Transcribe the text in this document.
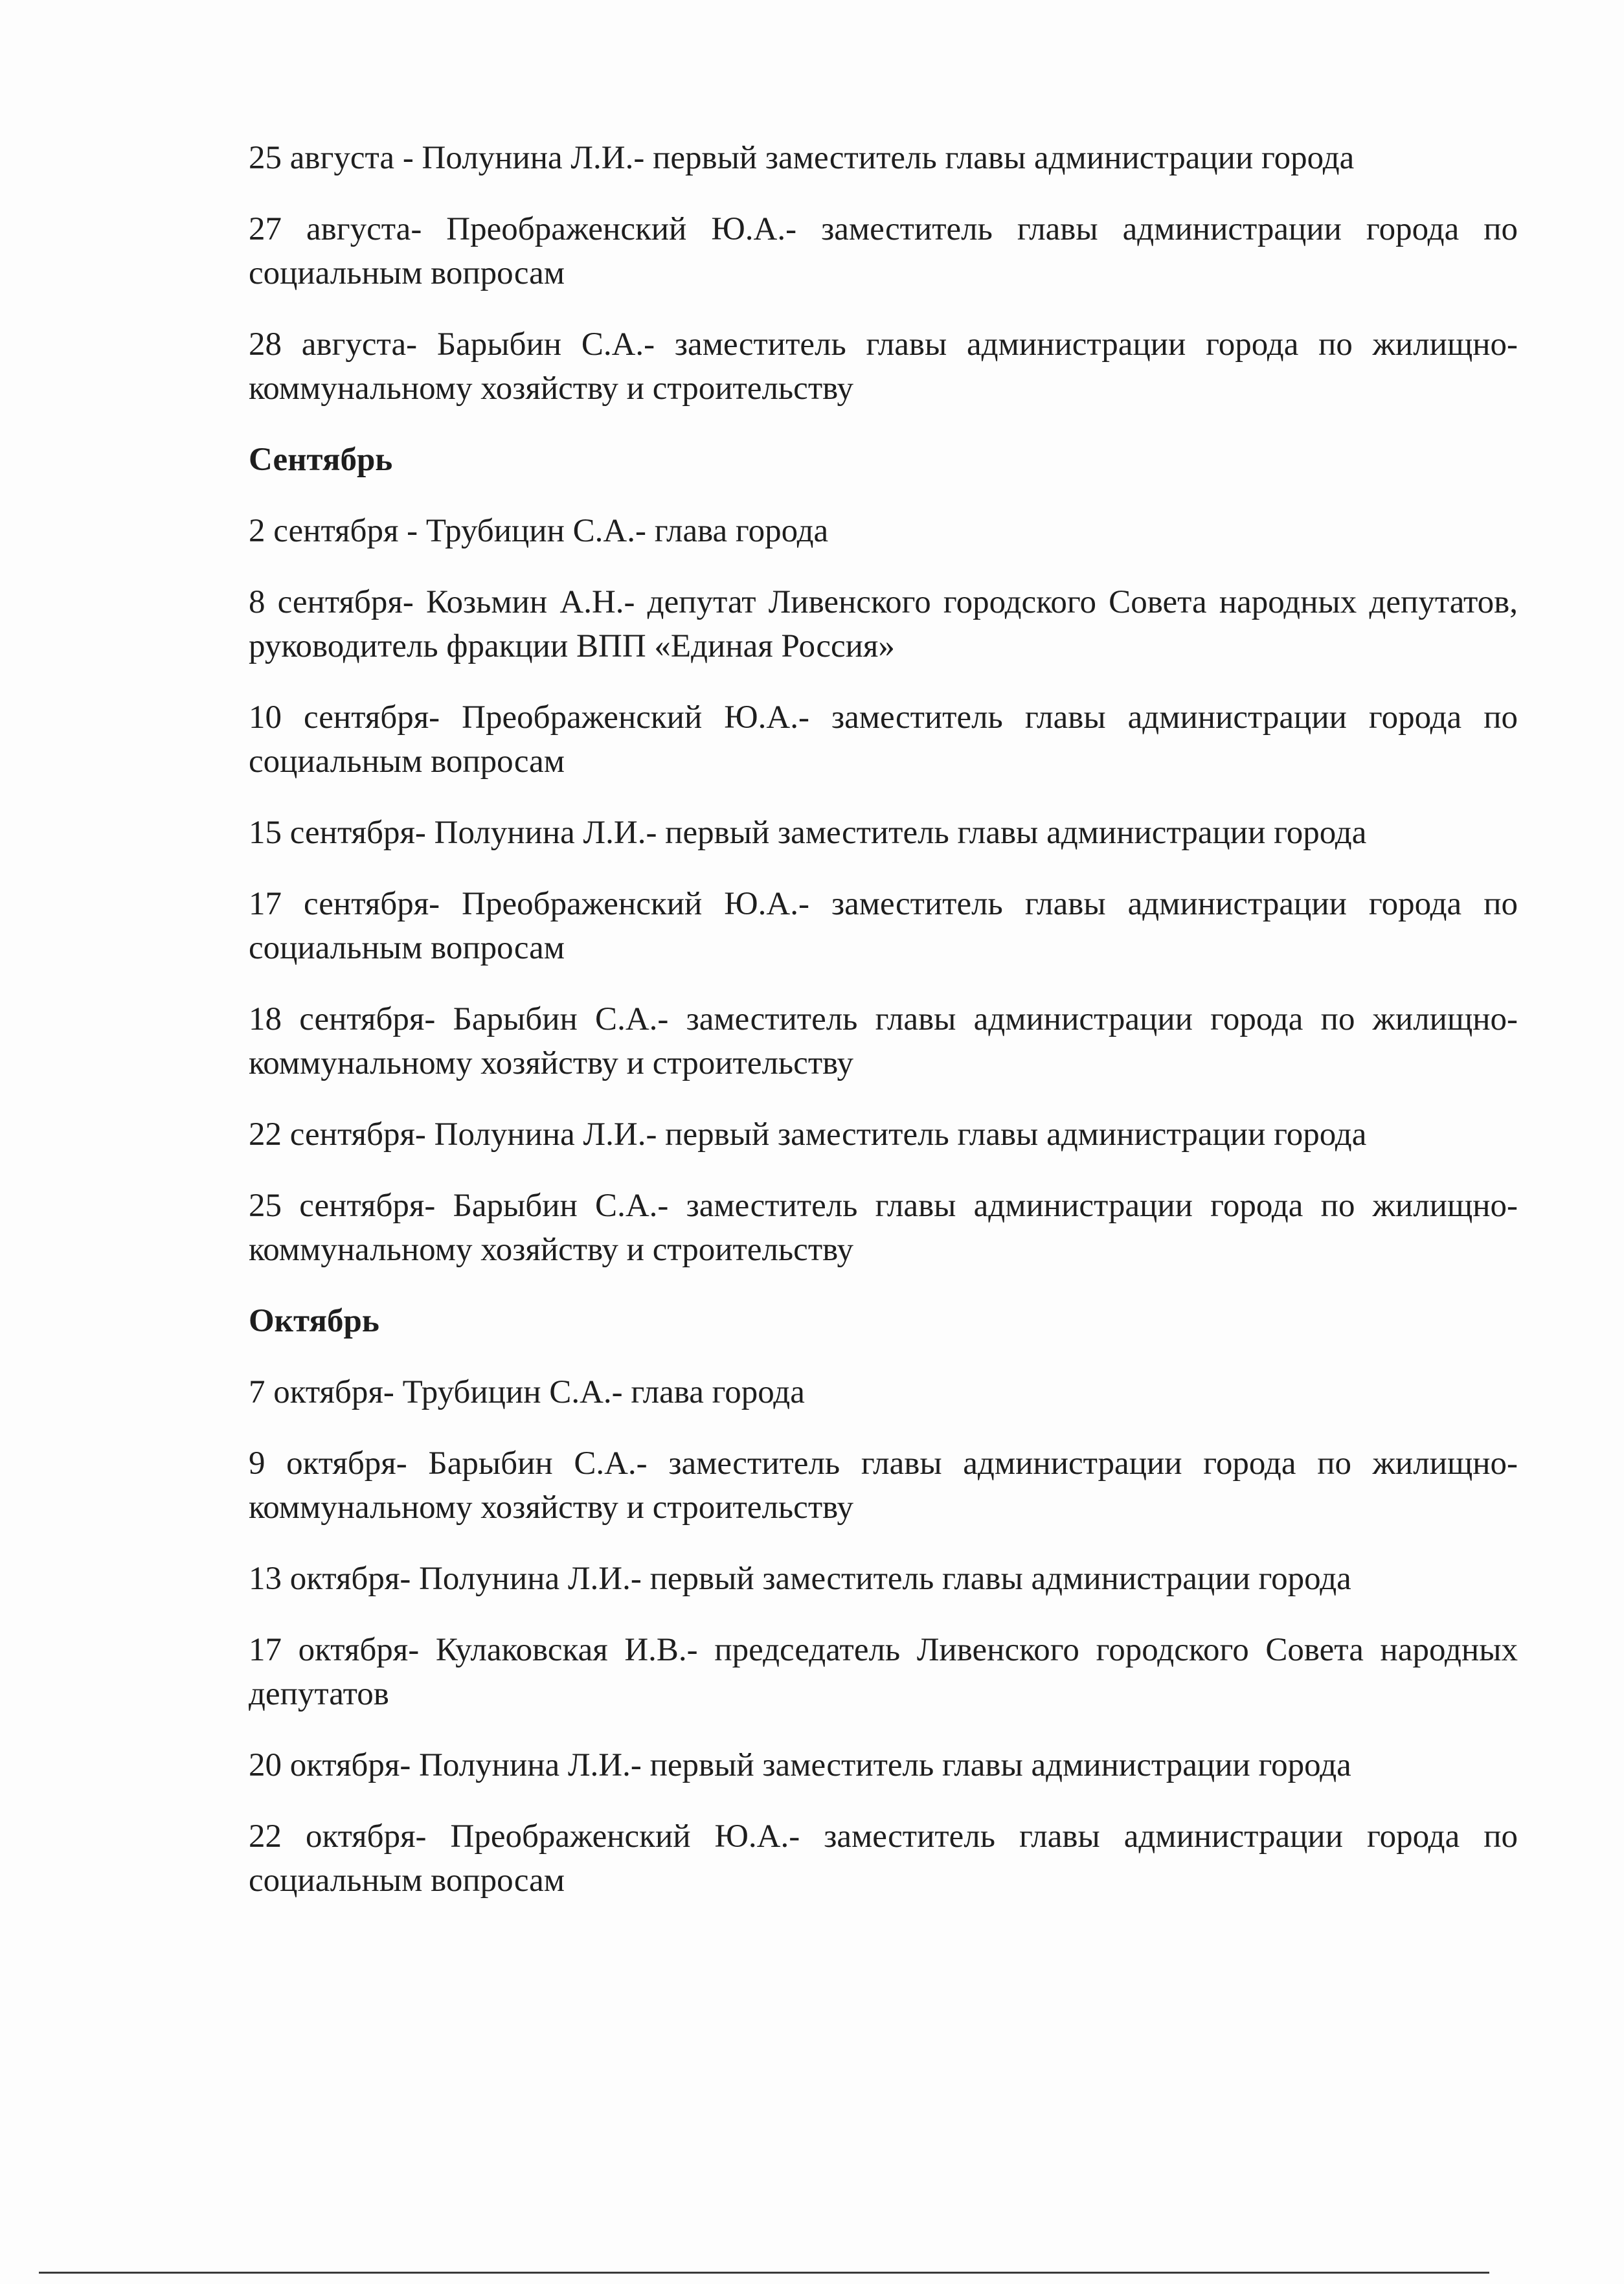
25 августа - Полунина Л.И.- первый заместитель главы администрации города

27 августа- Преображенский Ю.А.- заместитель главы администрации города по социальным вопросам

28 августа- Барыбин С.А.- заместитель главы администрации города по жилищно-коммунальному хозяйству и строительству

Сентябрь

2 сентября - Трубицин С.А.- глава города

8 сентября- Козьмин А.Н.- депутат Ливенского городского Совета народных депутатов, руководитель фракции ВПП «Единая Россия»

10 сентября- Преображенский Ю.А.- заместитель главы администрации города по социальным вопросам

15 сентября- Полунина Л.И.- первый заместитель главы администрации города

17 сентября- Преображенский Ю.А.- заместитель главы администрации города по социальным вопросам

18 сентября- Барыбин С.А.- заместитель главы администрации города по жилищно-коммунальному хозяйству и строительству

22 сентября- Полунина Л.И.- первый заместитель главы администрации города

25 сентября- Барыбин С.А.- заместитель главы администрации города по жилищно-коммунальному хозяйству и строительству

Октябрь

7 октября- Трубицин С.А.- глава города

9 октября- Барыбин С.А.- заместитель главы администрации города по жилищно-коммунальному хозяйству и строительству

13 октября- Полунина Л.И.- первый заместитель главы администрации города

17 октября- Кулаковская И.В.- председатель Ливенского городского Совета народных депутатов

20 октября- Полунина Л.И.- первый заместитель главы администрации города

22 октября- Преображенский Ю.А.- заместитель главы администрации города по социальным вопросам
